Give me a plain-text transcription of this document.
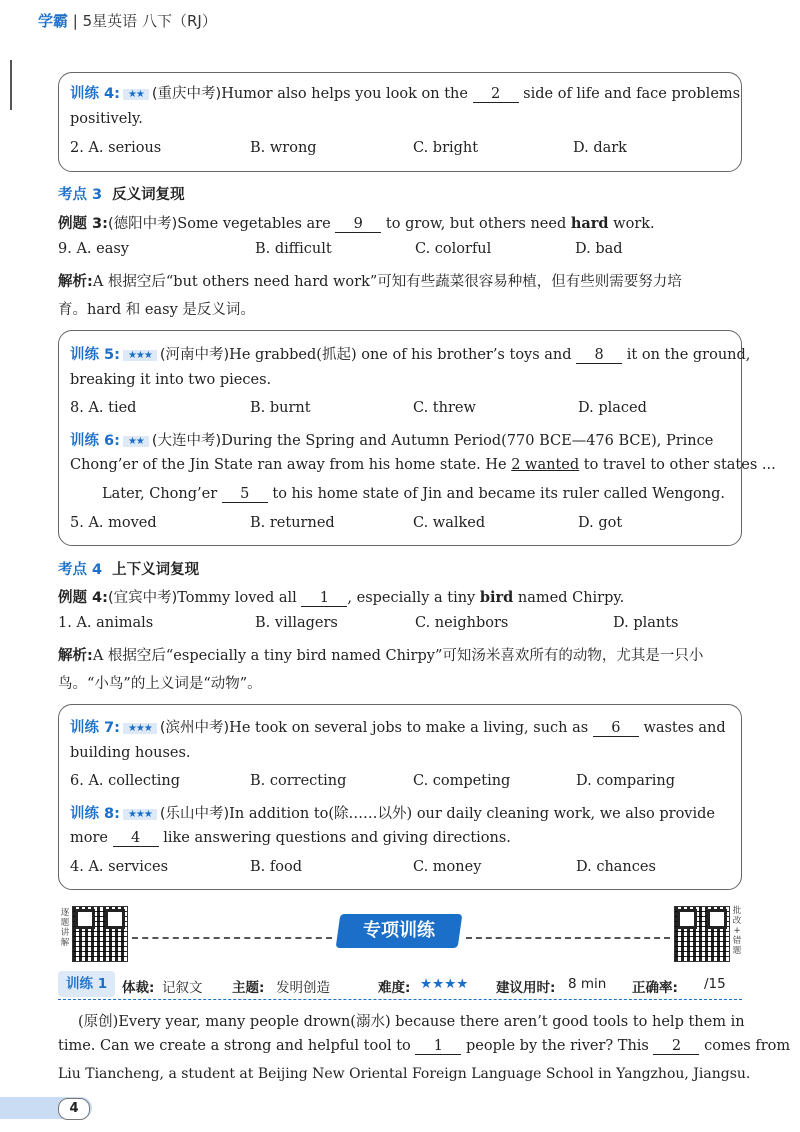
学霸 | 5星英语 八下（RJ）
训练 4: ★★ (重庆中考)Humor also helps you look on the 2 side of life and face problems
positively.
2. A. serious	B. wrong	C. bright	D. dark
考点 3 反义词复现
例题 3:(德阳中考)Some vegetables are 9 to grow, but others need hard work.
9. A. easy	B. difficult	C. colorful	D. bad
解析:A 根据空后“but others need hard work”可知有些蔬菜很容易种植，但有些则需要努力培
育。hard 和 easy 是反义词。
训练 5: ★★★ (河南中考)He grabbed(抓起) one of his brother’s toys and 8 it on the ground,
breaking it into two pieces.
8. A. tied	B. burnt	C. threw	D. placed
训练 6: ★★ (大连中考)During the Spring and Autumn Period(770 BCE—476 BCE), Prince
Chong’er of the Jin State ran away from his home state. He 2 wanted to travel to other states ...
Later, Chong’er 5 to his home state of Jin and became its ruler called Wengong.
5. A. moved	B. returned	C. walked	D. got
考点 4 上下义词复现
例题 4:(宜宾中考)Tommy loved all 1 , especially a tiny bird named Chirpy.
1. A. animals	B. villagers	C. neighbors	D. plants
解析:A 根据空后“especially a tiny bird named Chirpy”可知汤米喜欢所有的动物，尤其是一只小
鸟。“小鸟”的上义词是“动物”。
训练 7: ★★★ (滨州中考)He took on several jobs to make a living, such as 6 wastes and
building houses.
6. A. collecting	B. correcting	C. competing	D. comparing
训练 8: ★★★ (乐山中考)In addition to(除……以外) our daily cleaning work, we also provide
more 4 like answering questions and giving directions.
4. A. services	B. food	C. money	D. chances
逐
题
讲
解
专项训练
批
改
+
错
题
训练 1	体裁: 记叙文 主题: 发明创造	难度: ★★★★ 建议用时: 8 min 正确率: /15
(原创)Every year, many people drown(溺水) because there aren’t good tools to help them in
time. Can we create a strong and helpful tool to 1 people by the river? This 2 comes from
Liu Tiancheng, a student at Beijing New Oriental Foreign Language School in Yangzhou, Jiangsu.
4
